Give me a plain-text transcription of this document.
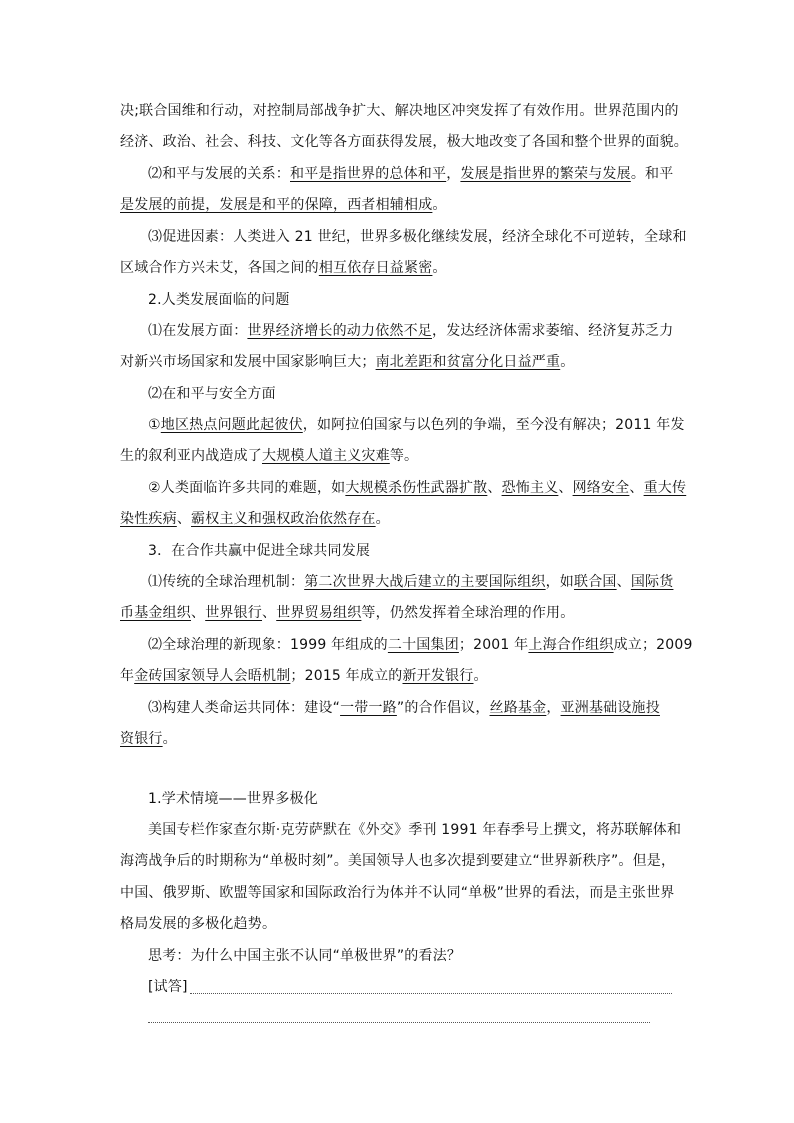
决;联合国维和行动，对控制局部战争扩大、解决地区冲突发挥了有效作用。世界范围内的
经济、政治、社会、科技、文化等各方面获得发展，极大地改变了各国和整个世界的面貌。
⑵和平与发展的关系：和平是指世界的总体和平，发展是指世界的繁荣与发展。和平
是发展的前提，发展是和平的保障，西者相辅相成。
⑶促进因素：人类进入 21 世纪，世界多极化继续发展，经济全球化不可逆转，全球和
区域合作方兴未艾，各国之间的相互依存日益紧密。
2.人类发展面临的问题
⑴在发展方面：世界经济增长的动力依然不足，发达经济体需求萎缩、经济复苏乏力
对新兴市场国家和发展中国家影响巨大；南北差距和贫富分化日益严重。
⑵在和平与安全方面
①地区热点问题此起彼伏，如阿拉伯国家与以色列的争端，至今没有解决；2011 年发
生的叙利亚内战造成了大规模人道主义灾难等。
②人类面临许多共同的难题，如大规模杀伤性武器扩散、恐怖主义、网络安全、重大传
染性疾病、霸权主义和强权政治依然存在。
3．在合作共赢中促进全球共同发展
⑴传统的全球治理机制：第二次世界大战后建立的主要国际组织，如联合国、国际货
币基金组织、世界银行、世界贸易组织等，仍然发挥着全球治理的作用。
⑵全球治理的新现象：1999 年组成的二十国集团；2001 年上海合作组织成立；2009
年金砖国家领导人会晤机制；2015 年成立的新开发银行。
⑶构建人类命运共同体：建设“一带一路”的合作倡议，丝路基金，亚洲基础设施投
资银行。
1.学术情境——世界多极化
美国专栏作家查尔斯·克劳萨默在《外交》季刊 1991 年春季号上撰文，将苏联解体和
海湾战争后的时期称为“单极时刻”。美国领导人也多次提到要建立“世界新秩序”。但是，
中国、俄罗斯、欧盟等国家和国际政治行为体并不认同“单极”世界的看法，而是主张世界
格局发展的多极化趋势。
思考：为什么中国主张不认同“单极世界”的看法？
[试答]
